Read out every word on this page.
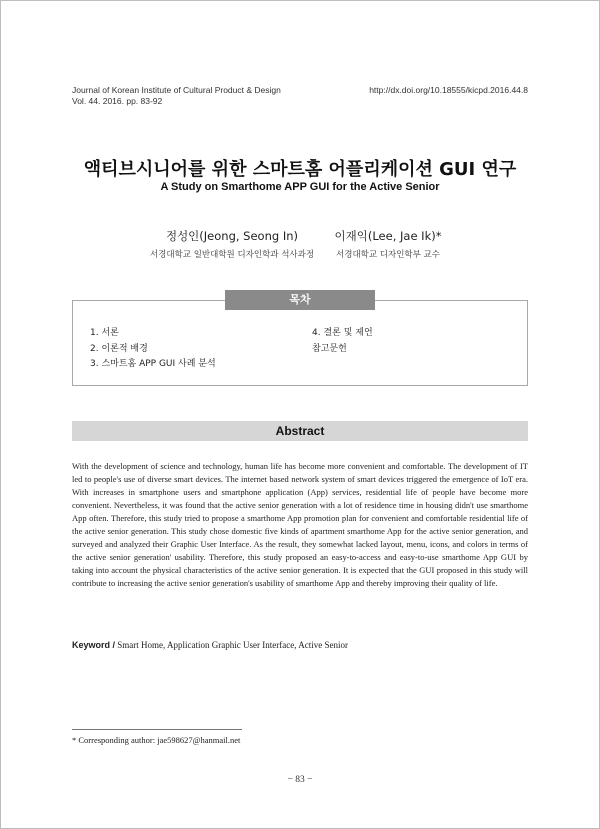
Journal of Korean Institute of Cultural Product & Design
Vol. 44. 2016. pp. 83-92
http://dx.doi.org/10.18555/kicpd.2016.44.8
액티브시니어를 위한 스마트홈 어플리케이션 GUI 연구
A Study on Smarthome APP GUI for the Active Senior
정성인(Jeong, Seong In)
서경대학교 일반대학원 디자인학과 석사과정
이재익(Lee, Jae Ik)*
서경대학교 디자인학부 교수
목차
1. 서론
2. 이론적 배경
3. 스마트홈 APP GUI 사례 분석
4. 결론 및 제언
참고문헌
Abstract
With the development of science and technology, human life has become more convenient and comfortable. The development of IT led to people's use of diverse smart devices. The internet based network system of smart devices triggered the emergence of IoT era. With increases in smartphone users and smartphone application (App) services, residential life of people have become more convenient. Nevertheless, it was found that the active senior generation with a lot of residence time in housing didn't use smarthome App often. Therefore, this study tried to propose a smarthome App promotion plan for convenient and comfortable residential life of the active senior generation. This study chose domestic five kinds of apartment smarthome App for the active senior generation, and surveyed and analyzed their Graphic User Interface. As the result, they somewhat lacked layout, menu, icons, and colors in terms of the active senior generation' usability. Therefore, this study proposed an easy-to-access and easy-to-use smarthome App GUI by taking into account the physical characteristics of the active senior generation. It is expected that the GUI proposed in this study will contribute to increasing the active senior generation's usability of smarthome App and thereby improving their quality of life.
Keyword / Smart Home, Application Graphic User Interface, Active Senior
* Corresponding author: jae598627@hanmail.net
− 83 −
